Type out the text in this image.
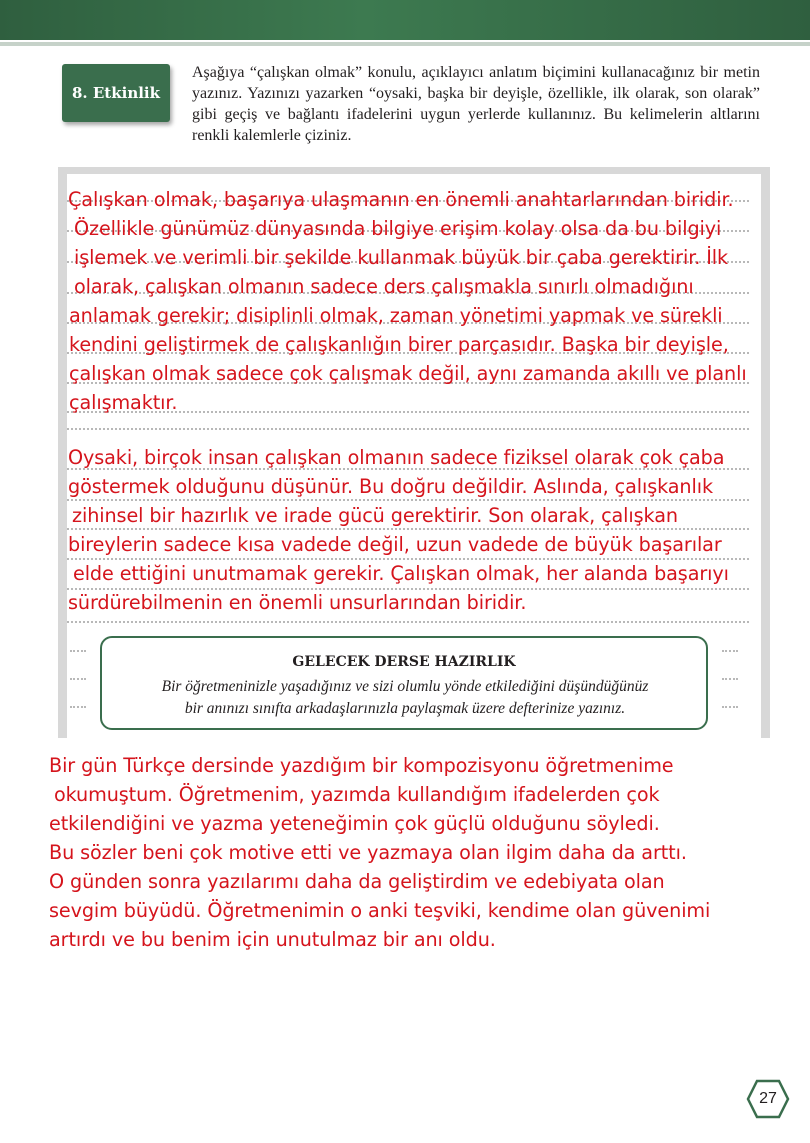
8. Etkinlik

Aşağıya “çalışkan olmak” konulu, açıklayıcı anlatım biçimini kullanacağınız bir metin yazınız. Yazınızı yazarken “oysaki, başka bir deyişle, özellikle, ilk olarak, son olarak” gibi geçiş ve bağlantı ifadelerini uygun yerlerde kullanınız. Bu kelimelerin altlarını renkli kalemlerle çiziniz.

Çalışkan olmak, başarıya ulaşmanın en önemli anahtarlarından biridir.
Özellikle günümüz dünyasında bilgiye erişim kolay olsa da bu bilgiyi
işlemek ve verimli bir şekilde kullanmak büyük bir çaba gerektirir. İlk
olarak, çalışkan olmanın sadece ders çalışmakla sınırlı olmadığını
anlamak gerekir; disiplinli olmak, zaman yönetimi yapmak ve sürekli
kendini geliştirmek de çalışkanlığın birer parçasıdır. Başka bir deyişle,
çalışkan olmak sadece çok çalışmak değil, aynı zamanda akıllı ve planlı
çalışmaktır.
Oysaki, birçok insan çalışkan olmanın sadece fiziksel olarak çok çaba
göstermek olduğunu düşünür. Bu doğru değildir. Aslında, çalışkanlık
zihinsel bir hazırlık ve irade gücü gerektirir. Son olarak, çalışkan
bireylerin sadece kısa vadede değil, uzun vadede de büyük başarılar
elde ettiğini unutmamak gerekir. Çalışkan olmak, her alanda başarıyı
sürdürebilmenin en önemli unsurlarından biridir.

GELECEK DERSE HAZIRLIK

Bir öğretmeninizle yaşadığınız ve sizi olumlu yönde etkilediğini düşündüğünüz
bir anınızı sınıfta arkadaşlarınızla paylaşmak üzere defterinize yazınız.

Bir gün Türkçe dersinde yazdığım bir kompozisyonu öğretmenime
okumuştum. Öğretmenim, yazımda kullandığım ifadelerden çok
etkilendiğini ve yazma yeteneğimin çok güçlü olduğunu söyledi.
Bu sözler beni çok motive etti ve yazmaya olan ilgim daha da arttı.
O günden sonra yazılarımı daha da geliştirdim ve edebiyata olan
sevgim büyüdü. Öğretmenimin o anki teşviki, kendime olan güvenimi
artırdı ve bu benim için unutulmaz bir anı oldu.
27
